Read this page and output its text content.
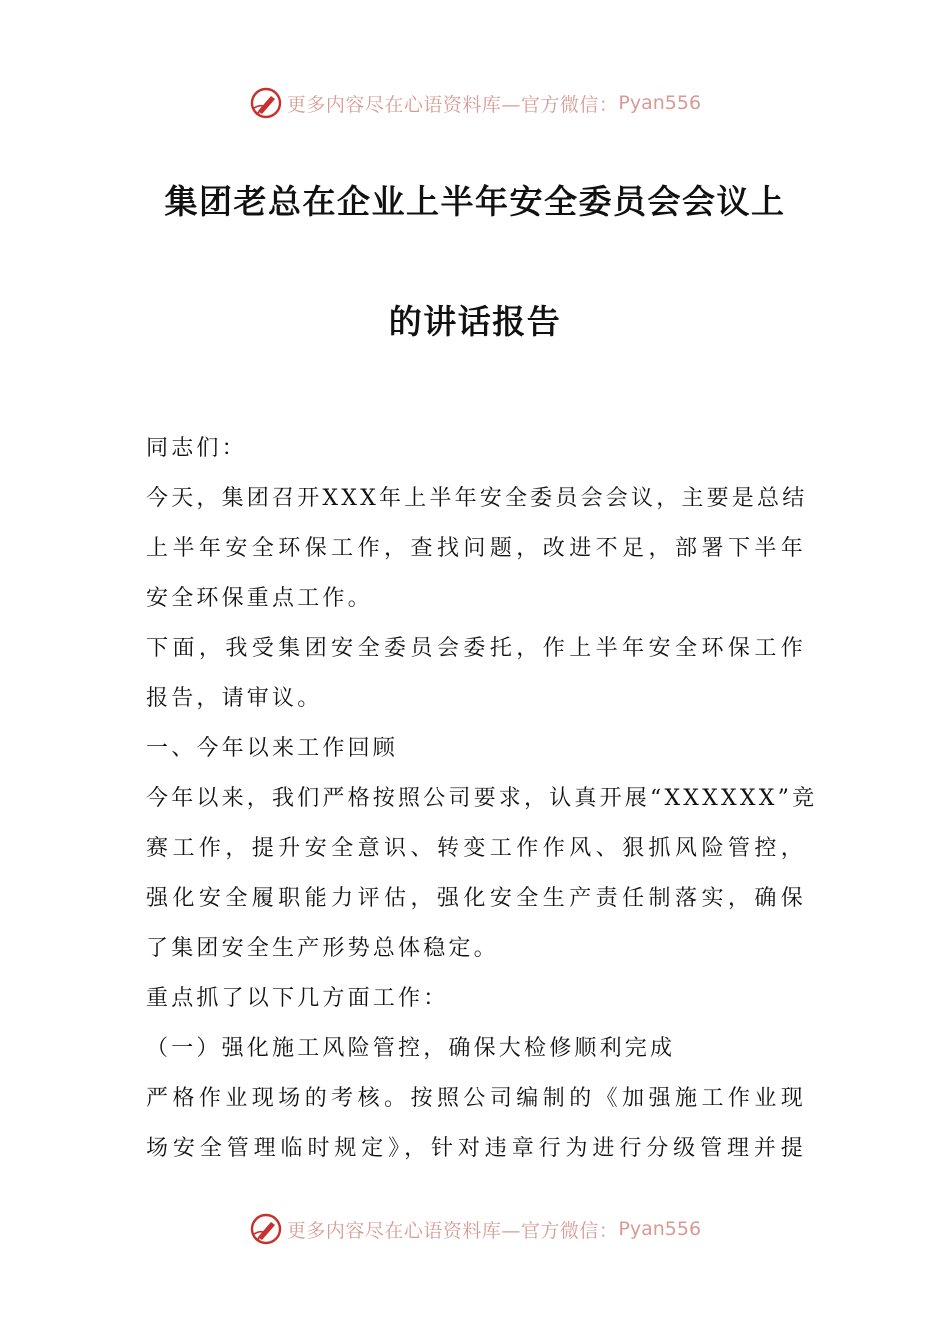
更多内容尽在心语资料库—官方微信： Pyan556
集团老总在企业上半年安全委员会会议上
的讲话报告
同志们：
今天，集团召开XXX年上半年安全委员会会议，主要是总结
上半年安全环保工作，查找问题，改进不足，部署下半年
安全环保重点工作。
下面，我受集团安全委员会委托，作上半年安全环保工作
报告，请审议。
一、今年以来工作回顾
今年以来，我们严格按照公司要求，认真开展“XXXXXX”竞
赛工作，提升安全意识、转变工作作风、狠抓风险管控，
强化安全履职能力评估，强化安全生产责任制落实，确保
了集团安全生产形势总体稳定。
重点抓了以下几方面工作：
（一）强化施工风险管控，确保大检修顺利完成
严格作业现场的考核。按照公司编制的《加强施工作业现
场安全管理临时规定》，针对违章行为进行分级管理并提
更多内容尽在心语资料库—官方微信： Pyan556
